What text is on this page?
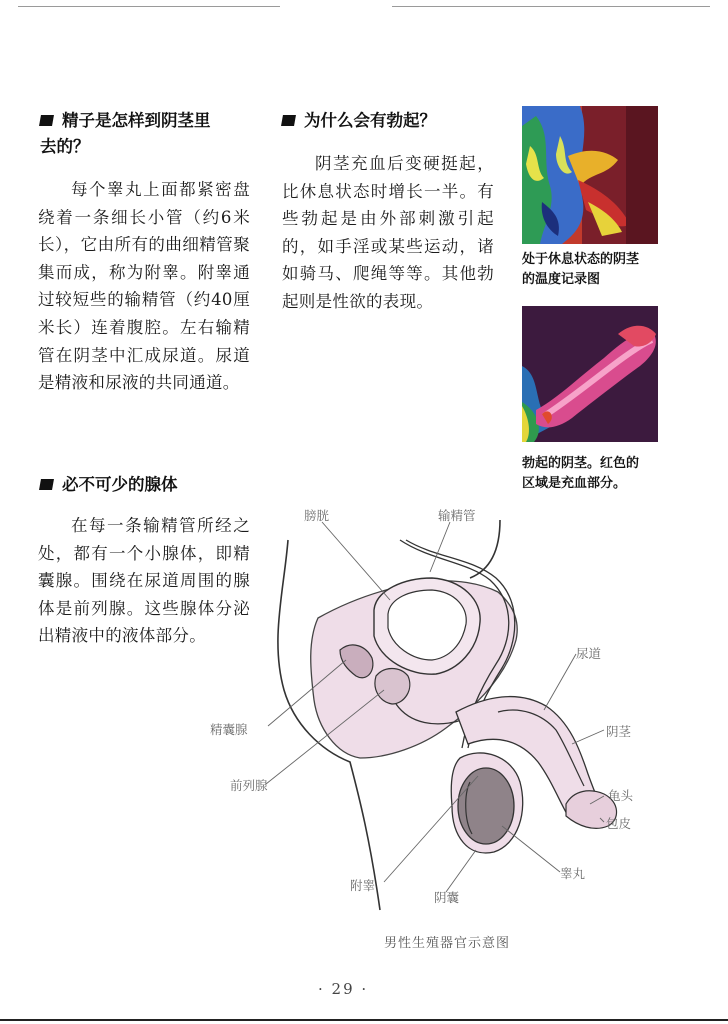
精子是怎样到阴茎里
去的？

每个睾丸上面都紧密盘绕着一条细长小管（约6米长），它由所有的曲细精管聚集而成，称为附睾。附睾通过较短些的输精管（约40厘米长）连着腹腔。左右输精管在阴茎中汇成尿道。尿道是精液和尿液的共同通道。

为什么会有勃起？

阴茎充血后变硬挺起，比休息状态时增长一半。有些勃起是由外部刺激引起的，如手淫或某些运动，诸如骑马、爬绳等等。其他勃起则是性欲的表现。

处于休息状态的阴茎
的温度记录图
勃起的阴茎。红色的
区域是充血部分。
必不可少的腺体

在每一条输精管所经之处，都有一个小腺体，即精囊腺。围绕在尿道周围的腺体是前列腺。这些腺体分泌出精液中的液体部分。

膀胱	输精管
尿道
阴茎
精囊腺
前列腺
龟头
包皮
附睾
阴囊
睾丸
男性生殖器官示意图
· 29 ·
